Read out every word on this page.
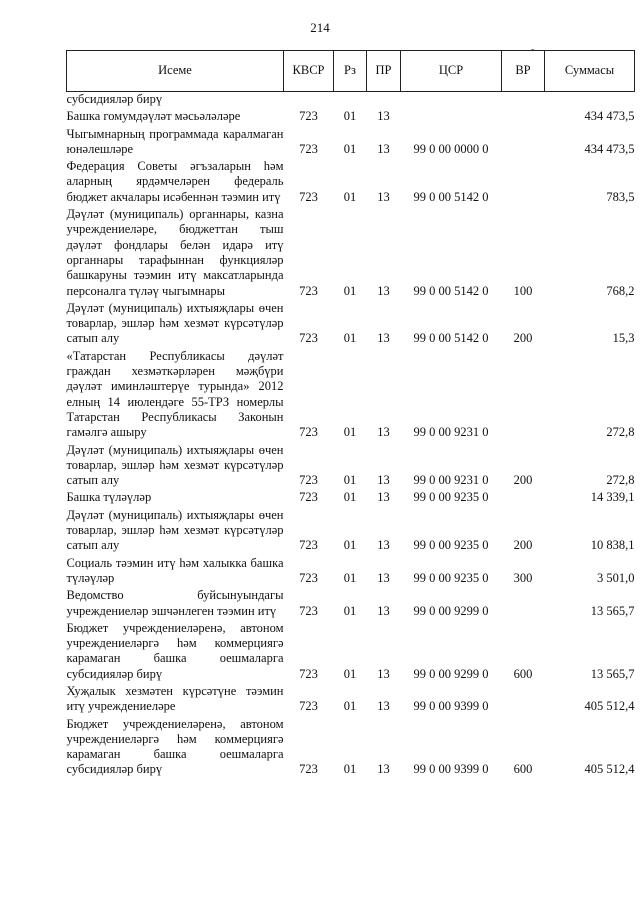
214
-
Исеме	КВСР	Рз	ПР	ЦСР	ВР	Суммасы
субсидияләр бирү						

Башка гомумдәүләт мәсьәләләре	723	01	13			434 473,5

Чыгымнарның программада каралмаган юнәлешләре	723	01	13	99 0 00 0000 0		434 473,5

Федерация Советы әгъзаларын һәм аларның ярдәмчеләрен федераль бюджет акчалары исәбеннән тәэмин итү	723	01	13	99 0 00 5142 0		783,5

Дәүләт (муниципаль) органнары, казна учреждениеләре, бюджеттан тыш дәүләт фондлары белән идарә итү органнары тарафыннан функцияләр башкаруны тәэмин итү максатларында персоналга түләү чыгымнары	723	01	13	99 0 00 5142 0	100	768,2

Дәүләт (муниципаль) ихтыяҗлары өчен товарлар, эшләр һәм хезмәт күрсәтүләр сатып алу	723	01	13	99 0 00 5142 0	200	15,3

«Татарстан Республикасы дәүләт граждан хезмәткәрләрен мәҗбүри дәүләт иминләштерүе турында» 2012 елның 14 июлендәге 55-ТРЗ номерлы Татарстан Республикасы Законын гамәлгә ашыру	723	01	13	99 0 00 9231 0		272,8

Дәүләт (муниципаль) ихтыяҗлары өчен товарлар, эшләр һәм хезмәт күрсәтүләр сатып алу	723	01	13	99 0 00 9231 0	200	272,8

Башка түләүләр	723	01	13	99 0 00 9235 0		14 339,1

Дәүләт (муниципаль) ихтыяҗлары өчен товарлар, эшләр һәм хезмәт күрсәтүләр сатып алу	723	01	13	99 0 00 9235 0	200	10 838,1

Социаль тәэмин итү һәм халыкка башка түләүләр	723	01	13	99 0 00 9235 0	300	3 501,0

Ведомство буйсынуындагы учреждениеләр эшчәнлеген тәэмин итү	723	01	13	99 0 00 9299 0		13 565,7

Бюджет учреждениеләренә, автоном учреждениеләргә һәм коммерциягә карамаган башка оешмаларга субсидияләр бирү	723	01	13	99 0 00 9299 0	600	13 565,7

Хуҗалык хезмәтен күрсәтүне тәэмин итү учреждениеләре	723	01	13	99 0 00 9399 0		405 512,4

Бюджет учреждениеләренә, автоном учреждениеләргә һәм коммерциягә карамаган башка оешмаларга субсидияләр бирү	723	01	13	99 0 00 9399 0	600	405 512,4
